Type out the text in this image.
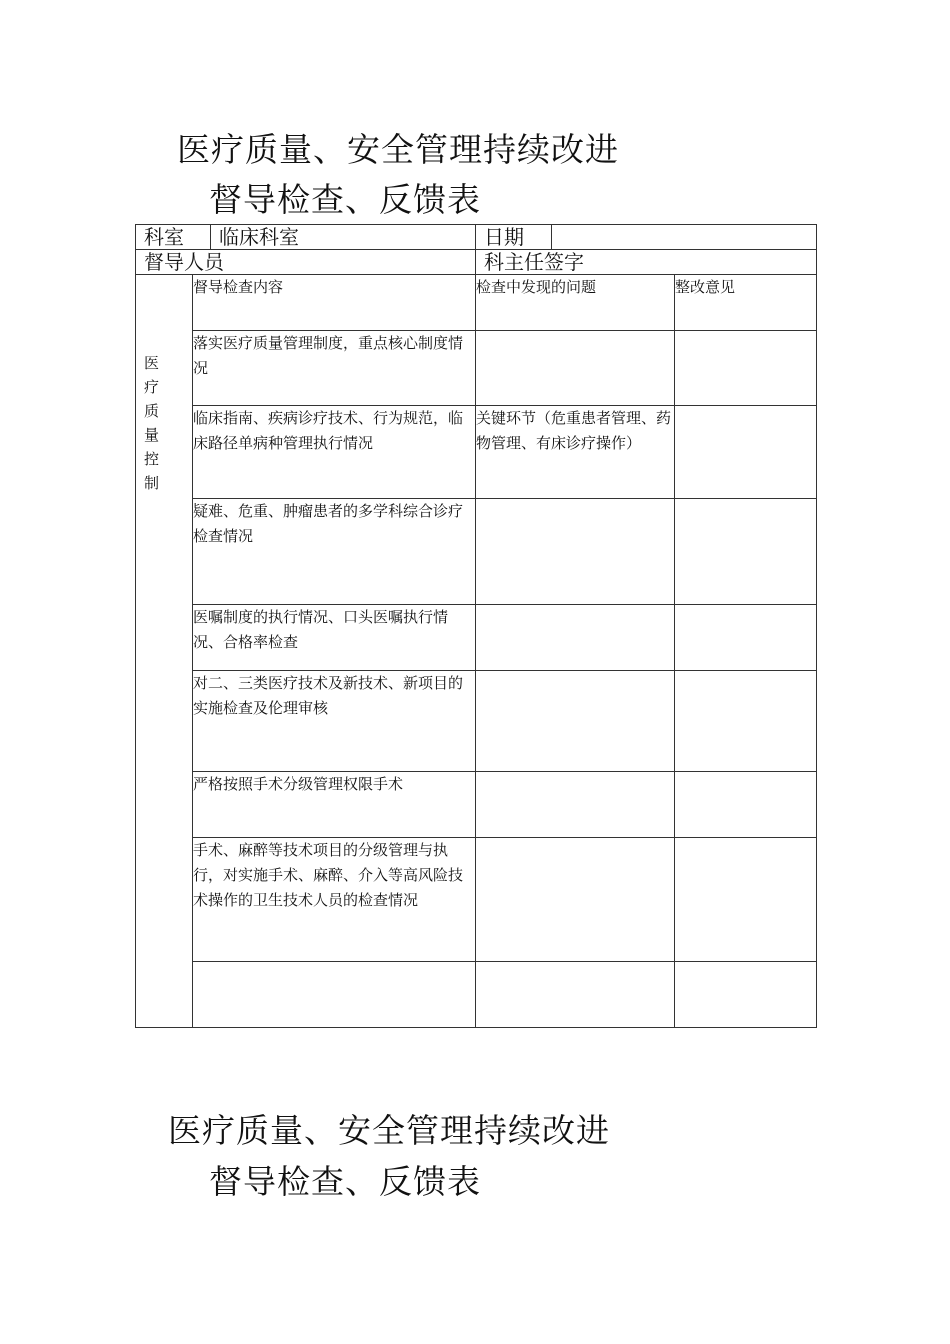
医疗质量、安全管理持续改进
督导检查、反馈表
科室		临床科室	日期		
督导人员			科主任签字		

医疗质量控制	督导检查内容		检查中发现的问题		整改意见
	落实医疗质量管理制度，重点核心制度情况				
	临床指南、疾病诊疗技术、行为规范，临床路径单病种管理执行情况		关键环节（危重患者管理、药物管理、有床诊疗操作）		
	疑难、危重、肿瘤患者的多学科综合诊疗检查情况				
	医嘱制度的执行情况、口头医嘱执行情况、合格率检查				
	对二、三类医疗技术及新技术、新项目的实施检查及伦理审核				
	严格按照手术分级管理权限手术				
	手术、麻醉等技术项目的分级管理与执行，对实施手术、麻醉、介入等高风险技术操作的卫生技术人员的检查情况				

医疗质量、安全管理持续改进
督导检查、反馈表
